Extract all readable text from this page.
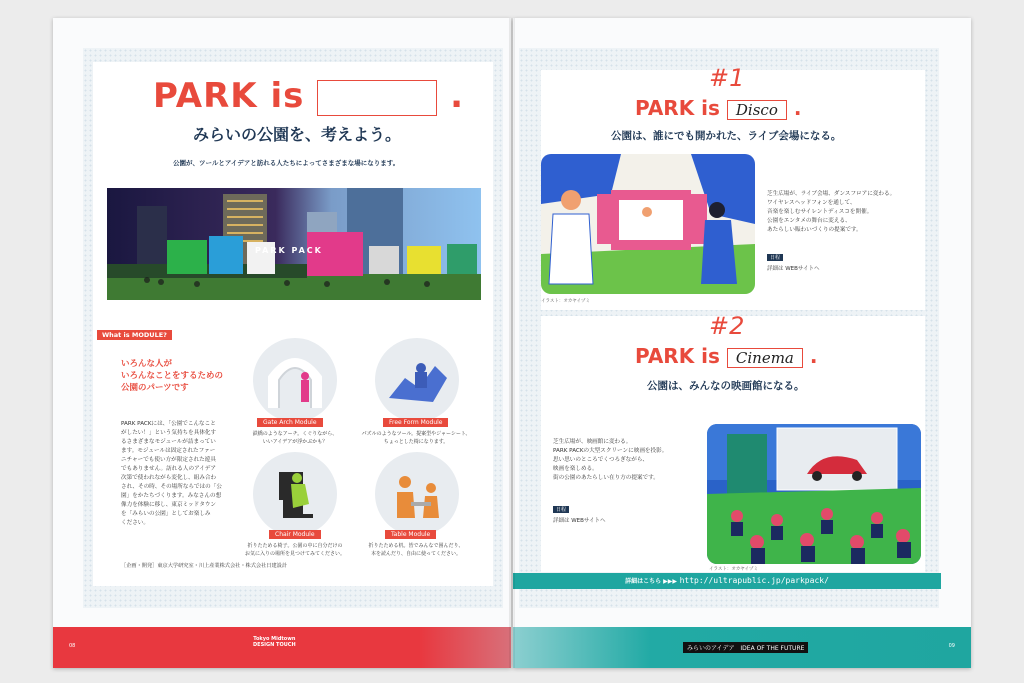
PARK is	.
みらいの公園を、考えよう。
公園が、ツールとアイデアと訪れる人たちによってさまざまな場になります。
PARK PACK
What is MODULE?
いろんな人が
いろんなことをするための
公園のパーツです
PARK PACKには、「公園でこんなこと
がしたい！」という気持ちを具体化す
るさまざまなモジュールが詰まってい
ます。モジュールは固定されたファー
ニチャーでも使い方が限定された遊具
でもありません。訪れる人のアイデア
次第で使われながら変化し、組み合わ
され、その時、その場所ならではの「公
園」をかたちづくります。みなさんの想
像力を体験に移し、東京ミッドタウン
を「みらいの公園」としてお楽しみ
ください。
［企画・開発］東京大学研究室・川上産業株式会社・株式会社日建設計
Gate Arch Module
鉄橋のようなアーチ。くぐりながら、
いいアイデアが浮かぶかも？
Free Form Module
パズルのようなツール。提案型やジャーシート、
ちょっとした椅になります。
Chair Module
折りたためる椅子。公園の中に自分だけの
お気に入りの場所を見つけてみてください。
Table Module
折りたためる机。皆でみんなで囲んだり、
本を読んだり、自由に使ってください。
#1
PARK is Disco .
公園は、誰にでも開かれた、ライブ会場になる。
イラスト：オカヤイヅミ
芝生広場が、ライブ会場、ダンスフロアに変わる。
ワイヤレスヘッドフォンを通して、
音楽を楽しむサイレントディスコを開催。
公園をエンタメの舞台に変える、
あたらしい賑わいづくりの提案です。
日程
詳細は WEBサイトへ
#2
PARK is Cinema .
公園は、みんなの映画館になる。
芝生広場が、映画館に変わる。
PARK PACKの大型スクリーンに映画を投影。
思い思いのところでくつろぎながら、
映画を楽しめる。
街の公園のあたらしい在り方の提案です。
日程
詳細は WEBサイトへ
イラスト：オカヤイヅミ
詳細はこちら ▶▶▶ http://ultrapublic.jp/parkpack/
08
Tokyo Midtown
DESIGN TOUCH	みらいのアイデア IDEA OF THE FUTURE	09
